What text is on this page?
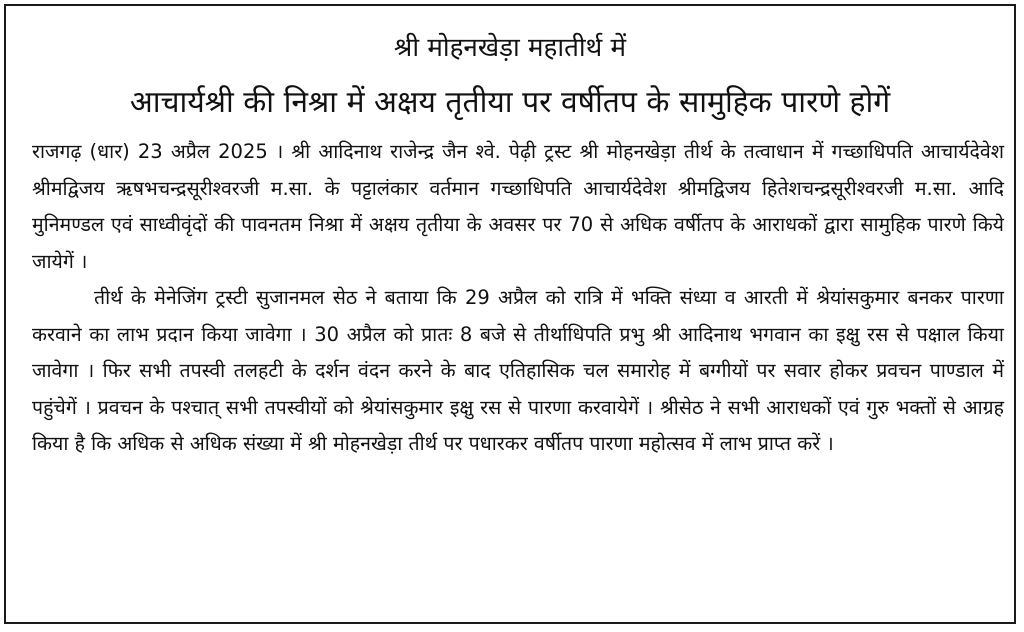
श्री मोहनखेड़ा महातीर्थ में
आचार्यश्री की निश्रा में अक्षय तृतीया पर वर्षीतप के सामुहिक पारणे होगें

राजगढ़ (धार) 23 अप्रैल 2025 । श्री आदिनाथ राजेन्द्र जैन श्वे. पेढ़ी ट्रस्ट श्री मोहनखेड़ा तीर्थ के तत्वाधान में गच्छाधिपति आचार्यदेवेश श्रीमद्विजय ऋषभचन्द्रसूरीश्वरजी म.सा. के पट्टालंकार वर्तमान गच्छाधिपति आचार्यदेवेश श्रीमद्विजय हितेशचन्द्रसूरीश्वरजी म.सा. आदि मुनिमण्डल एवं साध्वीवृंदों की पावनतम निश्रा में अक्षय तृतीया के अवसर पर 70 से अधिक वर्षीतप के आराधकों द्वारा सामुहिक पारणे किये जायेगें ।

तीर्थ के मेनेजिंग ट्रस्टी सुजानमल सेठ ने बताया कि 29 अप्रैल को रात्रि में भक्ति संध्या व आरती में श्रेयांसकुमार बनकर पारणा करवाने का लाभ प्रदान किया जावेगा । 30 अप्रैल को प्रातः 8 बजे से तीर्थाधिपति प्रभु श्री आदिनाथ भगवान का इक्षु रस से पक्षाल किया जावेगा । फिर सभी तपस्वी तलहटी के दर्शन वंदन करने के बाद एतिहासिक चल समारोह में बग्गीयों पर सवार होकर प्रवचन पाण्डाल में पहुंचेगें । प्रवचन के पश्चात् सभी तपस्वीयों को श्रेयांसकुमार इक्षु रस से पारणा करवायेगें । श्रीसेठ ने सभी आराधकों एवं गुरु भक्तों से आग्रह किया है कि अधिक से अधिक संख्या में श्री मोहनखेड़ा तीर्थ पर पधारकर वर्षीतप पारणा महोत्सव में लाभ प्राप्त करें ।
